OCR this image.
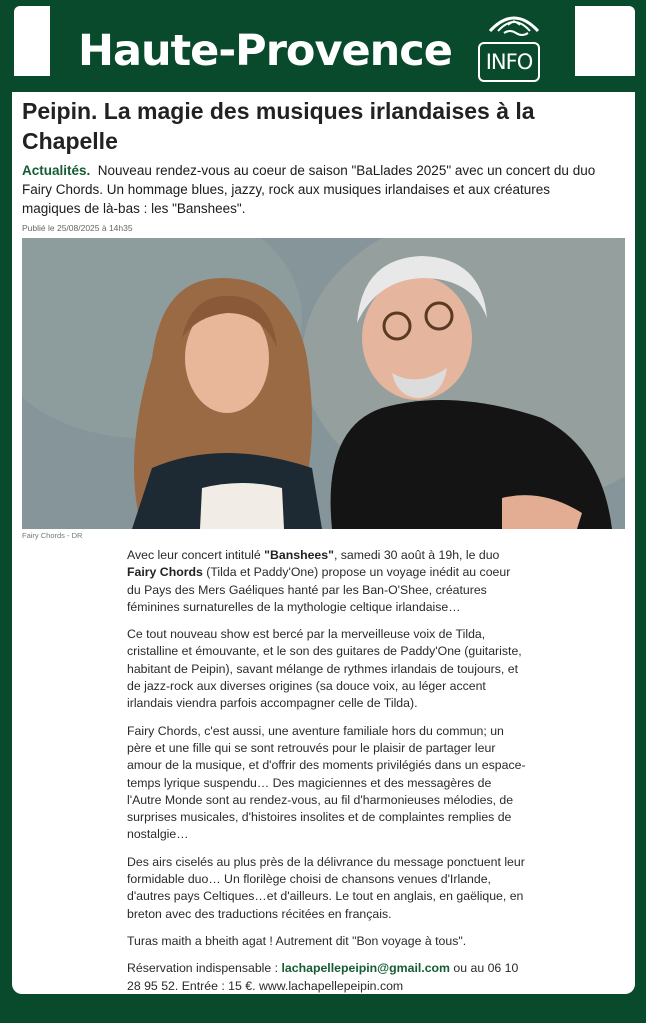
Haute-Provence	INFO
Peipin. La magie des musiques irlandaises à la Chapelle

Actualités. Nouveau rendez-vous au coeur de saison "BaLlades 2025" avec un concert du duo Fairy Chords. Un hommage blues, jazzy, rock aux musiques irlandaises et aux créatures magiques de là-bas : les "Banshees".

Publié le 25/08/2025 à 14h35
Fairy Chords - DR

Avec leur concert intitulé "Banshees", samedi 30 août à 19h, le duo Fairy Chords (Tilda et Paddy'One) propose un voyage inédit au coeur du Pays des Mers Gaéliques hanté par les Ban-O'Shee, créatures féminines surnaturelles de la mythologie celtique irlandaise…

Ce tout nouveau show est bercé par la merveilleuse voix de Tilda, cristalline et émouvante, et le son des guitares de Paddy'One (guitariste, habitant de Peipin), savant mélange de rythmes irlandais de toujours, et de jazz-rock aux diverses origines (sa douce voix, au léger accent irlandais viendra parfois accompagner celle de Tilda).

Fairy Chords, c'est aussi, une aventure familiale hors du commun; un père et une fille qui se sont retrouvés pour le plaisir de partager leur amour de la musique, et d'offrir des moments privilégiés dans un espace-temps lyrique suspendu… Des magiciennes et des messagères de l'Autre Monde sont au rendez-vous, au fil d'harmonieuses mélodies, de surprises musicales, d'histoires insolites et de complaintes remplies de nostalgie…

Des airs ciselés au plus près de la délivrance du message ponctuent leur formidable duo… Un florilège choisi de chansons venues d'Irlande, d'autres pays Celtiques…et d'ailleurs. Le tout en anglais, en gaëlique, en breton avec des traductions récitées en français.

Turas maith a bheith agat ! Autrement dit "Bon voyage à tous".

Réservation indispensable : lachapellepeipin@gmail.com ou au 06 10 28 95 52. Entrée : 15 €. www.lachapellepeipin.com
